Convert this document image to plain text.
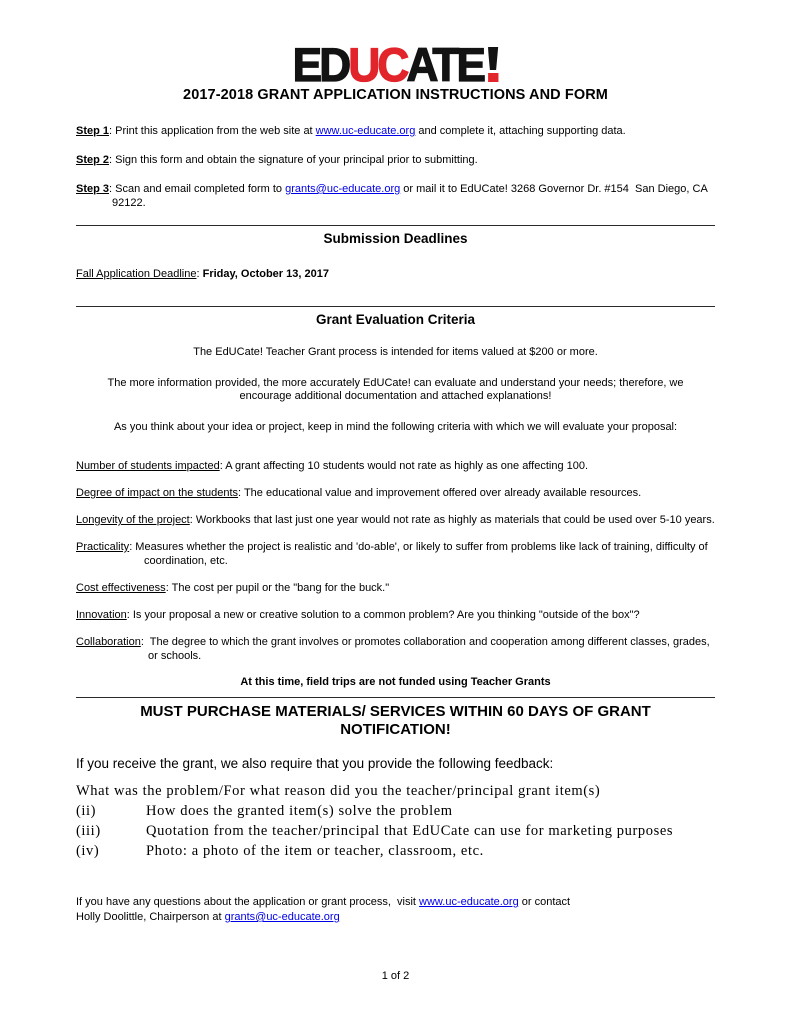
EDUCATE
2017-2018 GRANT APPLICATION INSTRUCTIONS AND FORM

Step 1: Print this application from the web site at www.uc-educate.org and complete it, attaching supporting data.

Step 2: Sign this form and obtain the signature of your principal prior to submitting.

Step 3: Scan and email completed form to grants@uc-educate.org or mail it to EdUCate! 3268 Governor Dr. #154  San Diego, CA 92122.

Submission Deadlines

Fall Application Deadline: Friday, October 13, 2017

Grant Evaluation Criteria

The EdUCate! Teacher Grant process is intended for items valued at $200 or more.

The more information provided, the more accurately EdUCate! can evaluate and understand your needs; therefore, we encourage additional documentation and attached explanations!

As you think about your idea or project, keep in mind the following criteria with which we will evaluate your proposal:

Number of students impacted: A grant affecting 10 students would not rate as highly as one affecting 100.

Degree of impact on the students: The educational value and improvement offered over already available resources.

Longevity of the project: Workbooks that last just one year would not rate as highly as materials that could be used over 5-10 years.

Practicality: Measures whether the project is realistic and 'do-able', or likely to suffer from problems like lack of training, difficulty of coordination, etc.

Cost effectiveness: The cost per pupil or the "bang for the buck."

Innovation: Is your proposal a new or creative solution to a common problem? Are you thinking "outside of the box"?

Collaboration:  The degree to which the grant involves or promotes collaboration and cooperation among different classes, grades, or schools.

At this time, field trips are not funded using Teacher Grants

MUST PURCHASE MATERIALS/ SERVICES WITHIN 60 DAYS OF GRANT NOTIFICATION!

If you receive the grant, we also require that you provide the following feedback:

What was the problem/For what reason did you the teacher/principal grant item(s)

(ii)	How does the granted item(s) solve the problem

(iii)	Quotation from the teacher/principal that EdUCate can use for marketing purposes

(iv)	Photo: a photo of the item or teacher, classroom, etc.

If you have any questions about the application or grant process,  visit www.uc-educate.org or contact

Holly Doolittle, Chairperson at grants@uc-educate.org

1 of 2
